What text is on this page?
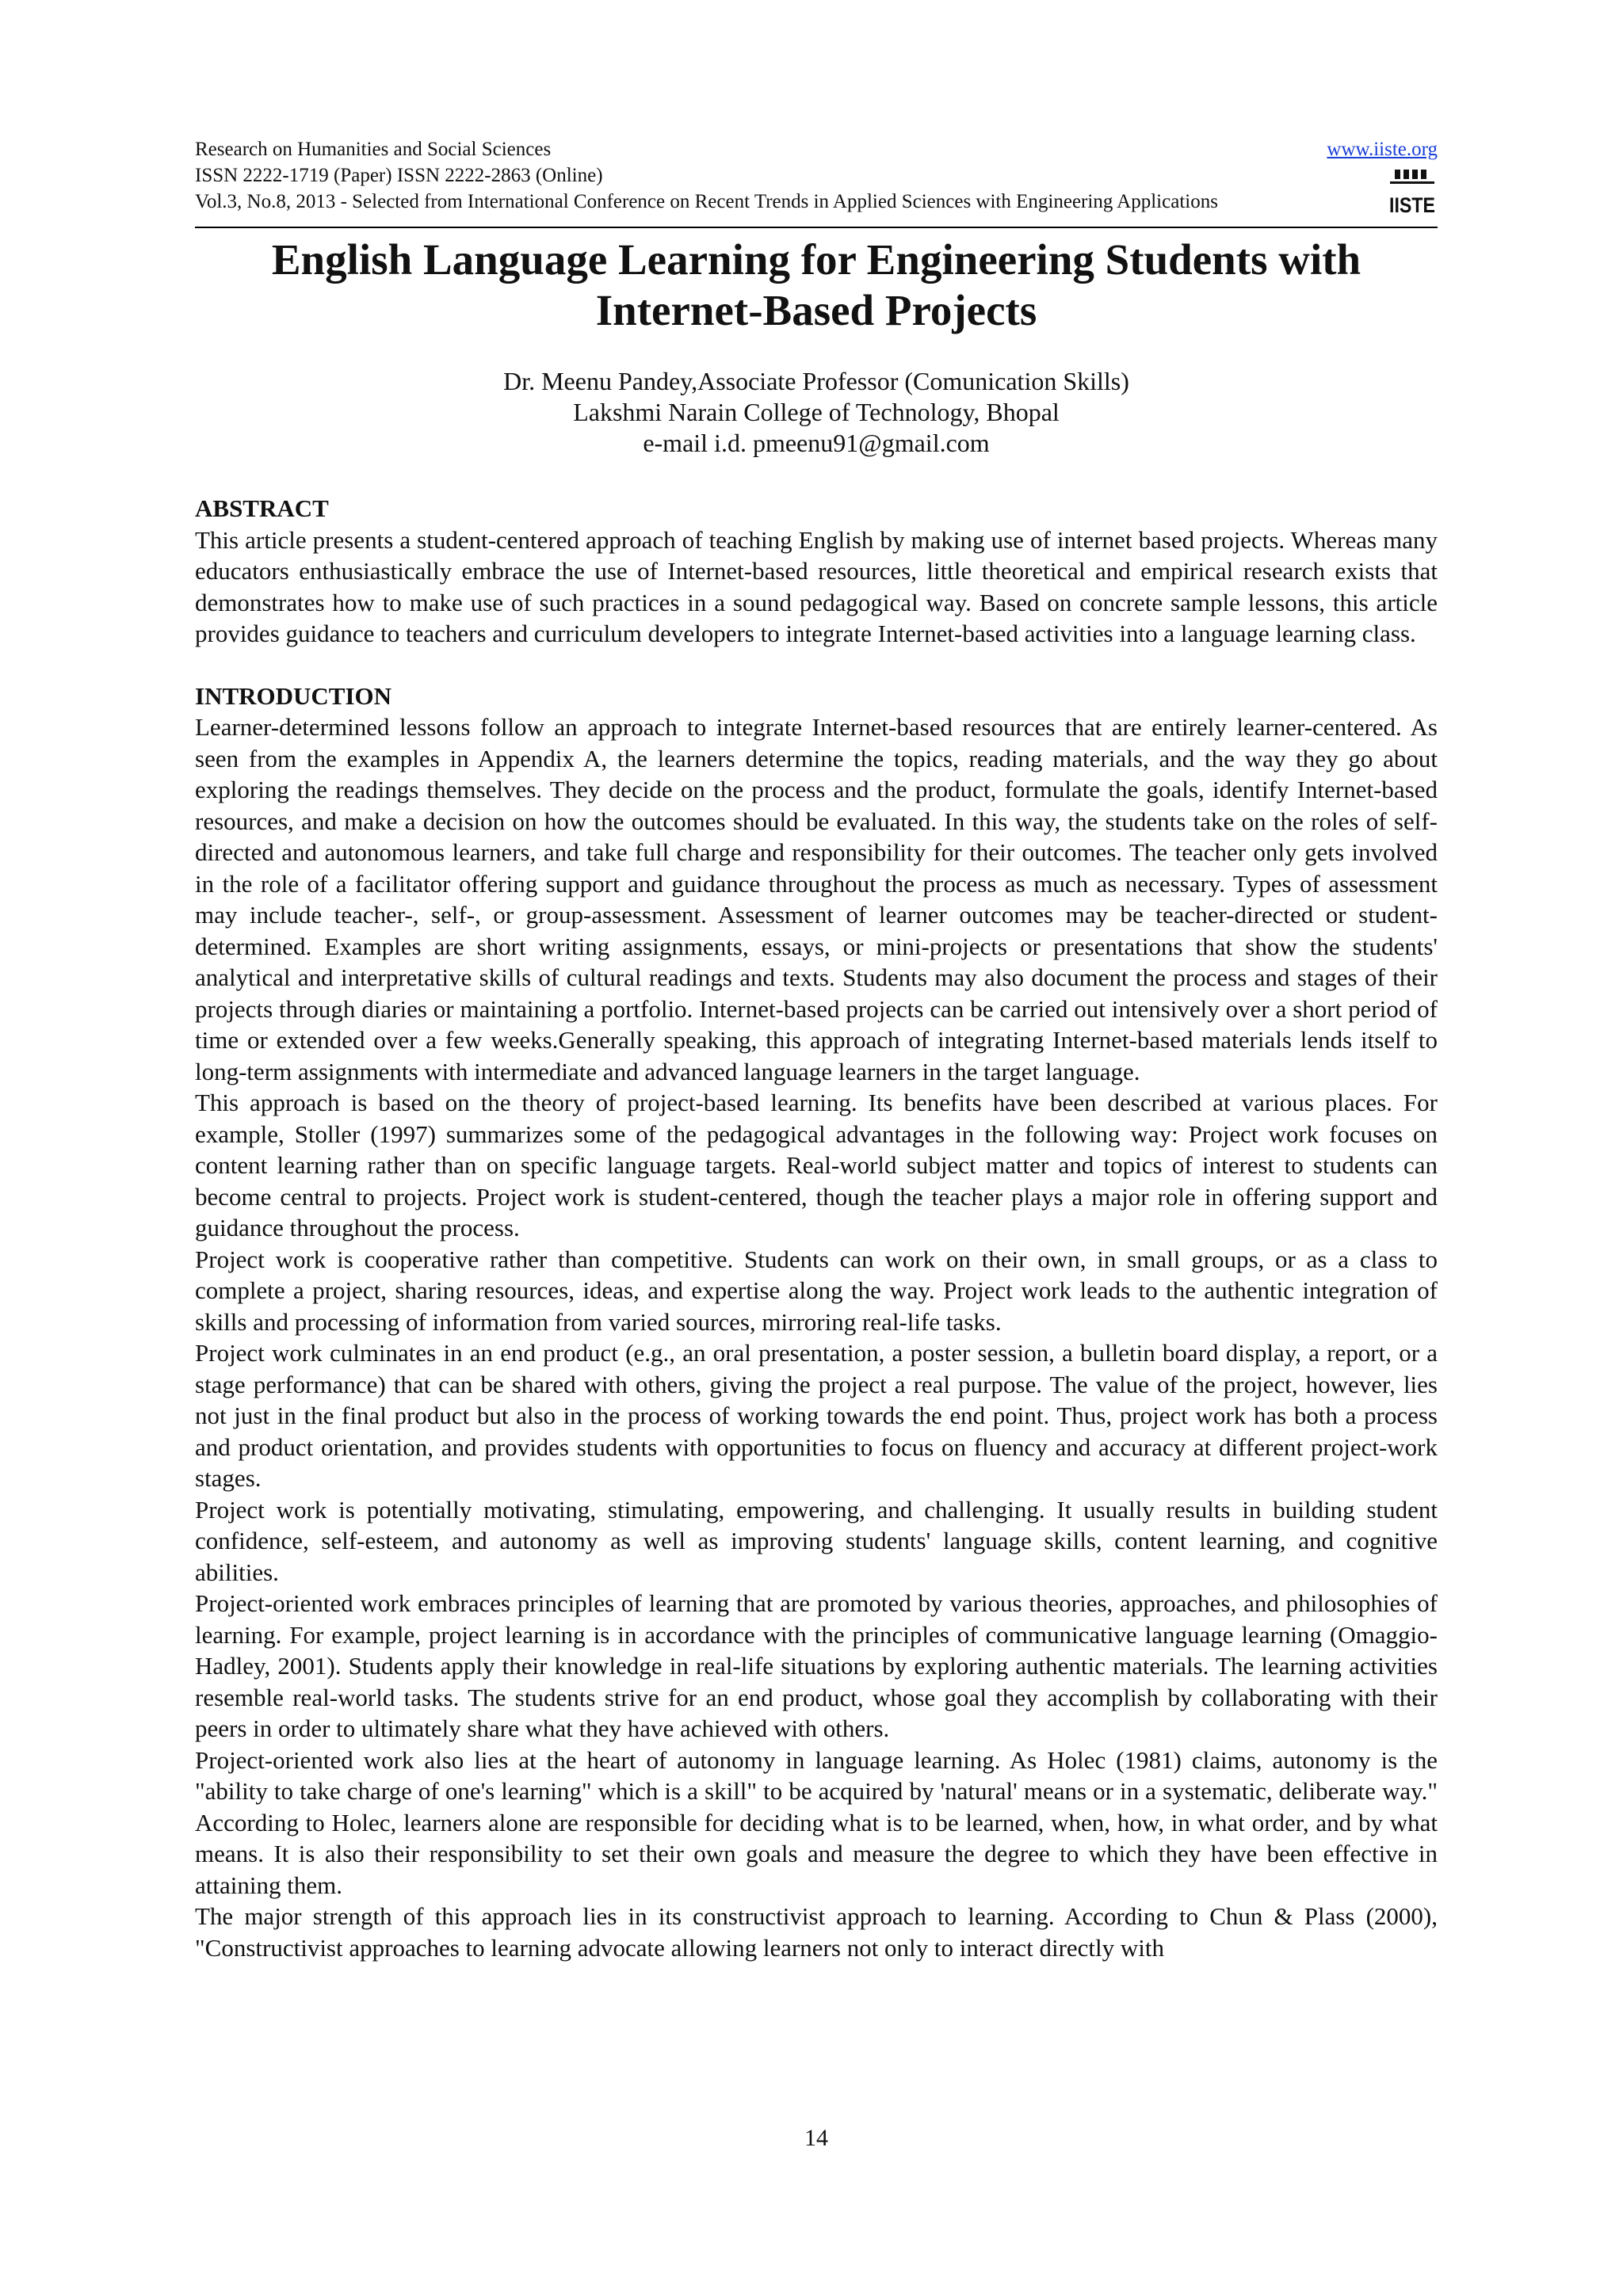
Research on Humanities and Social Sciences	www.iiste.org
ISSN 2222-1719 (Paper) ISSN 2222-2863 (Online)
Vol.3, No.8, 2013 - Selected from International Conference on Recent Trends in Applied Sciences with Engineering Applications	IISTE
English Language Learning for Engineering Students with Internet-Based Projects
Dr. Meenu Pandey,Associate Professor (Comunication Skills)
Lakshmi Narain College of Technology, Bhopal
e-mail i.d. pmeenu91@gmail.com
ABSTRACT

This article presents a student-centered approach of teaching English by making use of internet based projects. Whereas many educators enthusiastically embrace the use of Internet-based resources, little theoretical and empirical research exists that demonstrates how to make use of such practices in a sound pedagogical way. Based on concrete sample lessons, this article provides guidance to teachers and curriculum developers to integrate Internet-based activities into a language learning class.

INTRODUCTION

Learner-determined lessons follow an approach to integrate Internet-based resources that are entirely learner-centered. As seen from the examples in Appendix A, the learners determine the topics, reading materials, and the way they go about exploring the readings themselves. They decide on the process and the product, formulate the goals, identify Internet-based resources, and make a decision on how the outcomes should be evaluated. In this way, the students take on the roles of self-directed and autonomous learners, and take full charge and responsibility for their outcomes. The teacher only gets involved in the role of a facilitator offering support and guidance throughout the process as much as necessary. Types of assessment may include teacher-, self-, or group-assessment. Assessment of learner outcomes may be teacher-directed or student-determined. Examples are short writing assignments, essays, or mini-projects or presentations that show the students' analytical and interpretative skills of cultural readings and texts. Students may also document the process and stages of their projects through diaries or maintaining a portfolio. Internet-based projects can be carried out intensively over a short period of time or extended over a few weeks.Generally speaking, this approach of integrating Internet-based materials lends itself to long-term assignments with intermediate and advanced language learners in the target language.

This approach is based on the theory of project-based learning. Its benefits have been described at various places. For example, Stoller (1997) summarizes some of the pedagogical advantages in the following way: Project work focuses on content learning rather than on specific language targets. Real-world subject matter and topics of interest to students can become central to projects. Project work is student-centered, though the teacher plays a major role in offering support and guidance throughout the process.

Project work is cooperative rather than competitive. Students can work on their own, in small groups, or as a class to complete a project, sharing resources, ideas, and expertise along the way. Project work leads to the authentic integration of skills and processing of information from varied sources, mirroring real-life tasks.

Project work culminates in an end product (e.g., an oral presentation, a poster session, a bulletin board display, a report, or a stage performance) that can be shared with others, giving the project a real purpose. The value of the project, however, lies not just in the final product but also in the process of working towards the end point. Thus, project work has both a process and product orientation, and provides students with opportunities to focus on fluency and accuracy at different project-work stages.

Project work is potentially motivating, stimulating, empowering, and challenging. It usually results in building student confidence, self-esteem, and autonomy as well as improving students' language skills, content learning, and cognitive abilities.

Project-oriented work embraces principles of learning that are promoted by various theories, approaches, and philosophies of learning. For example, project learning is in accordance with the principles of communicative language learning (Omaggio-Hadley, 2001). Students apply their knowledge in real-life situations by exploring authentic materials. The learning activities resemble real-world tasks. The students strive for an end product, whose goal they accomplish by collaborating with their peers in order to ultimately share what they have achieved with others.

Project-oriented work also lies at the heart of autonomy in language learning. As Holec (1981) claims, autonomy is the "ability to take charge of one's learning" which is a skill" to be acquired by 'natural' means or in a systematic, deliberate way." According to Holec, learners alone are responsible for deciding what is to be learned, when, how, in what order, and by what means. It is also their responsibility to set their own goals and measure the degree to which they have been effective in attaining them.

The major strength of this approach lies in its constructivist approach to learning. According to Chun & Plass (2000), "Constructivist approaches to learning advocate allowing learners not only to interact directly with

14
